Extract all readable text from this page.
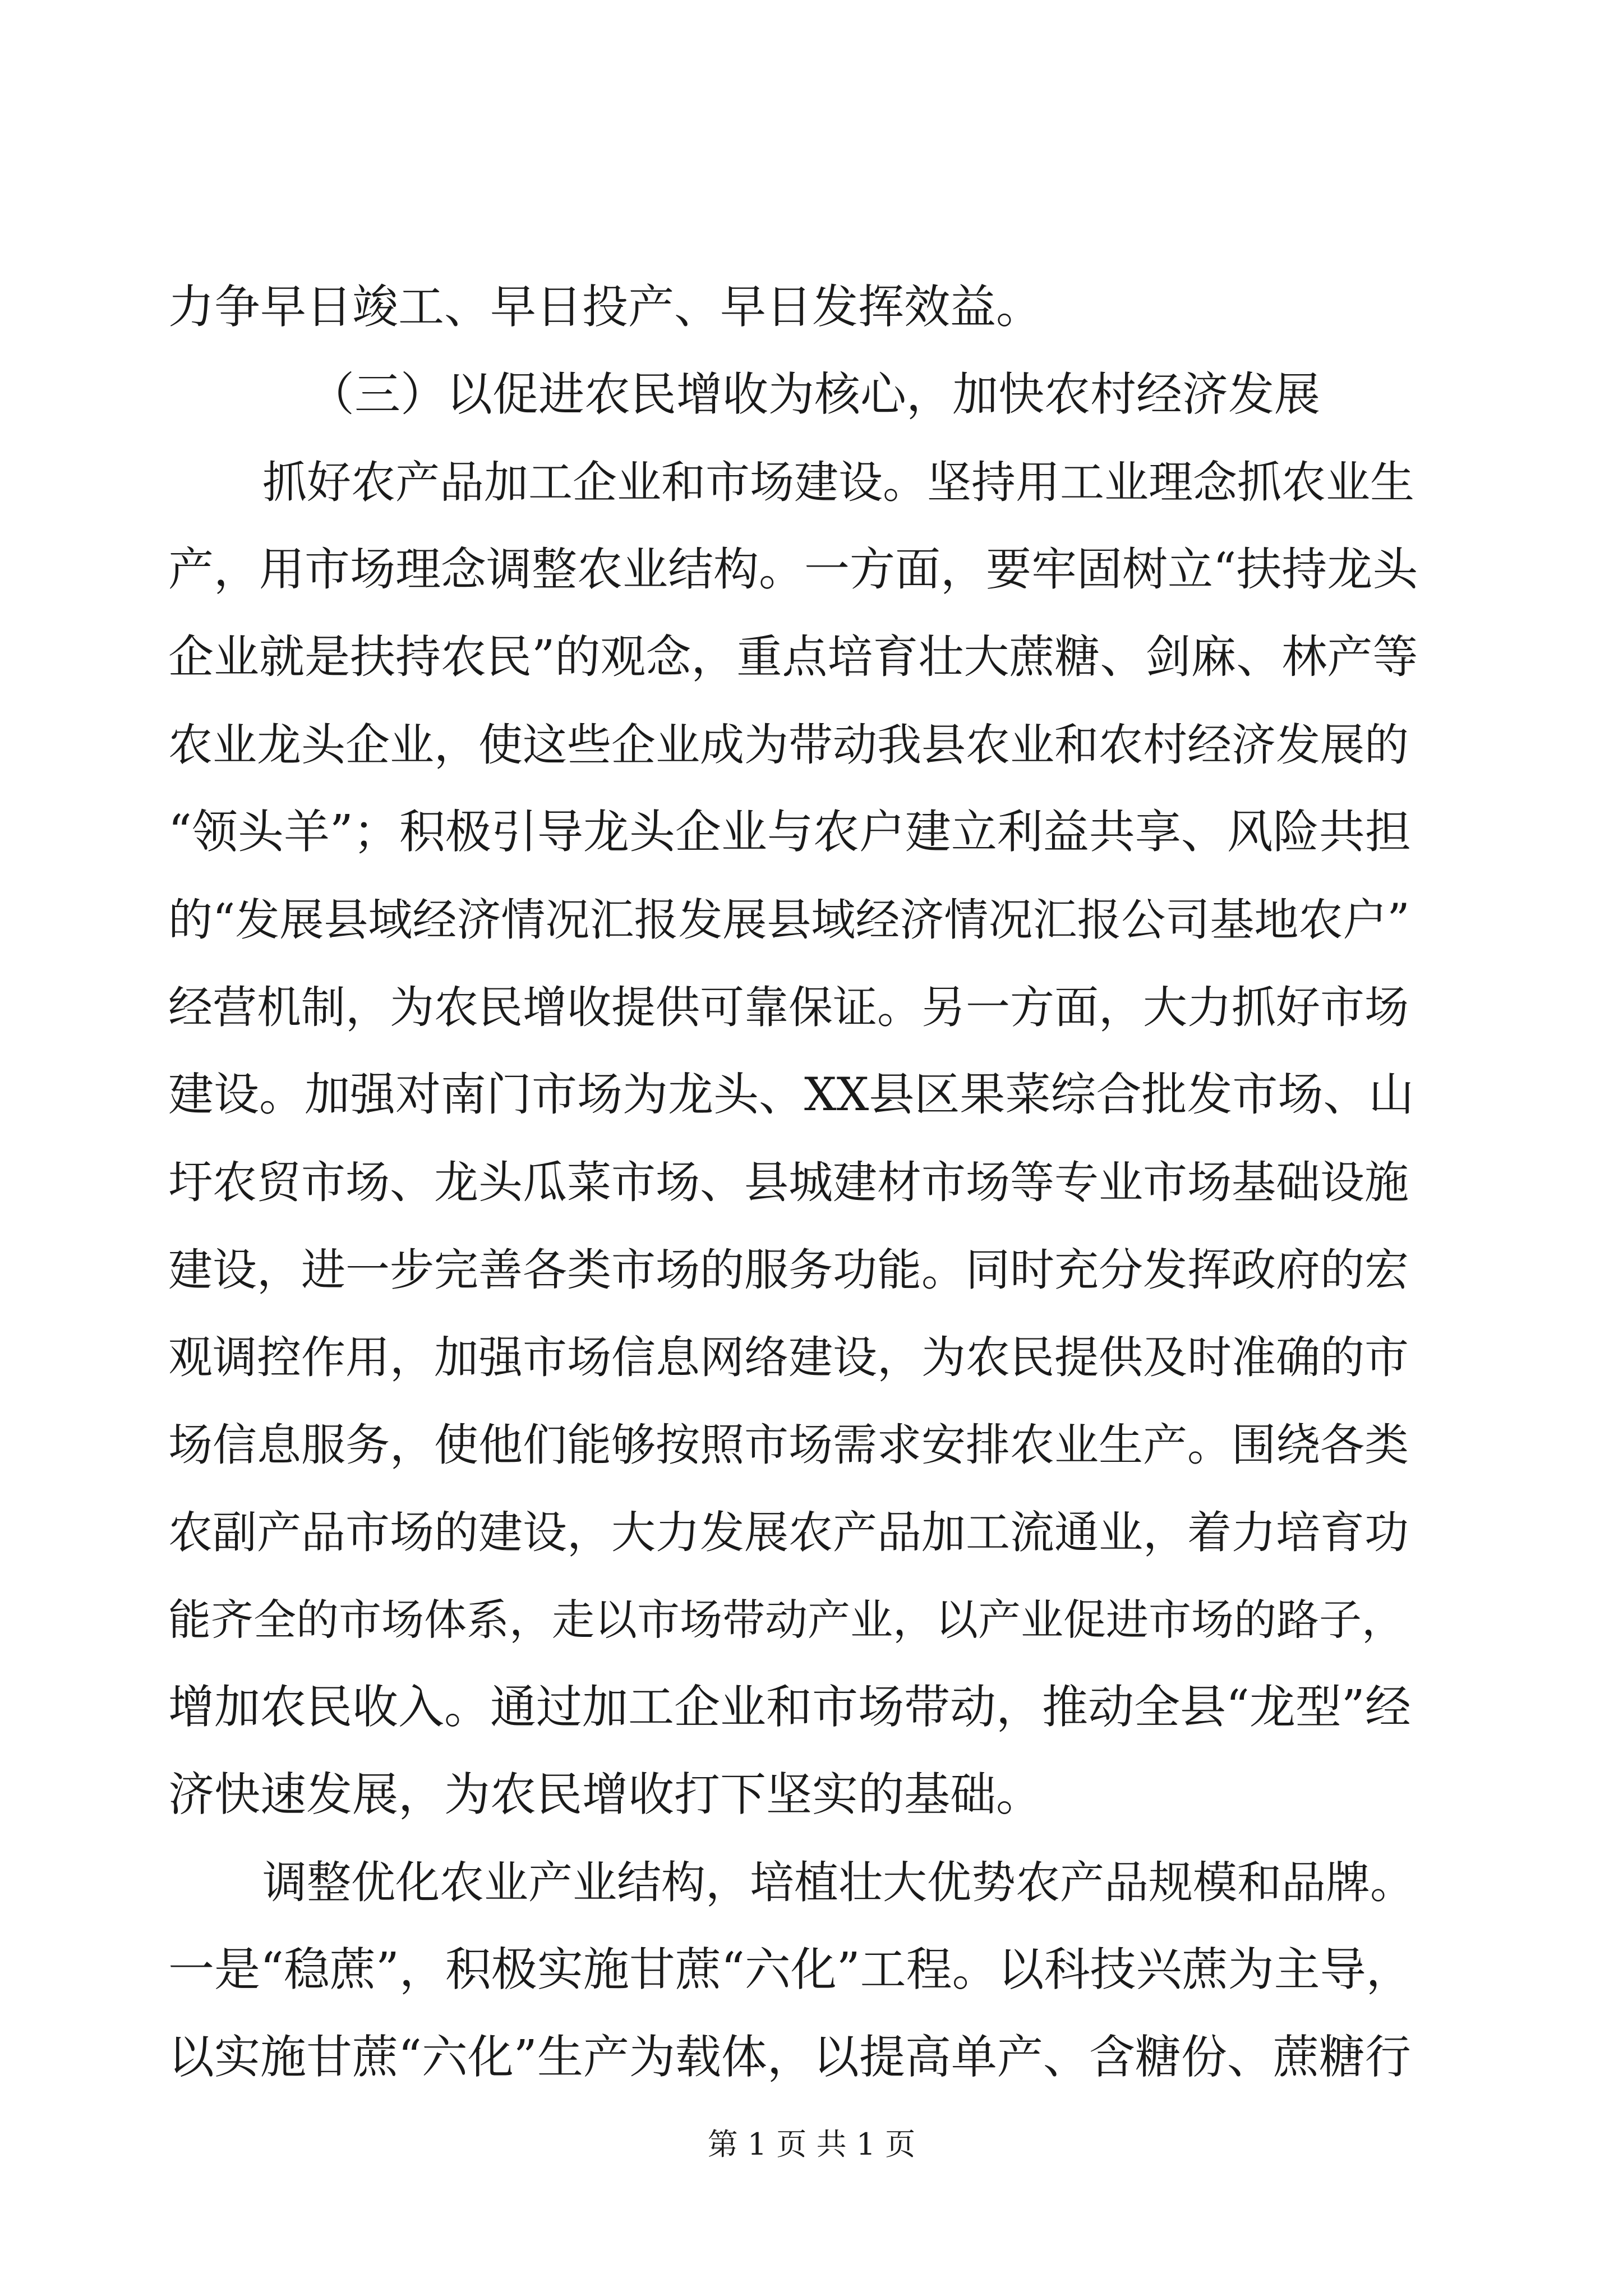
力争早日竣工、早日投产、早日发挥效益。
（三）以促进农民增收为核心，加快农村经济发展
抓好农产品加工企业和市场建设。坚持用工业理念抓农业生
产，用市场理念调整农业结构。一方面，要牢固树立“扶持龙头
企业就是扶持农民”的观念，重点培育壮大蔗糖、剑麻、林产等
农业龙头企业，使这些企业成为带动我县农业和农村经济发展的
“领头羊”；积极引导龙头企业与农户建立利益共享、风险共担
的“发展县域经济情况汇报发展县域经济情况汇报公司基地农户”
经营机制，为农民增收提供可靠保证。另一方面，大力抓好市场
建设。加强对南门市场为龙头、XX县区果菜综合批发市场、山
圩农贸市场、龙头瓜菜市场、县城建材市场等专业市场基础设施
建设，进一步完善各类市场的服务功能。同时充分发挥政府的宏
观调控作用，加强市场信息网络建设，为农民提供及时准确的市
场信息服务，使他们能够按照市场需求安排农业生产。围绕各类
农副产品市场的建设，大力发展农产品加工流通业，着力培育功
能齐全的市场体系，走以市场带动产业，以产业促进市场的路子，
增加农民收入。通过加工企业和市场带动，推动全县“龙型”经
济快速发展，为农民增收打下坚实的基础。
调整优化农业产业结构，培植壮大优势农产品规模和品牌。
一是“稳蔗”，积极实施甘蔗“六化”工程。以科技兴蔗为主导，
以实施甘蔗“六化”生产为载体，以提高单产、含糖份、蔗糖行
第 1 页 共 1 页
